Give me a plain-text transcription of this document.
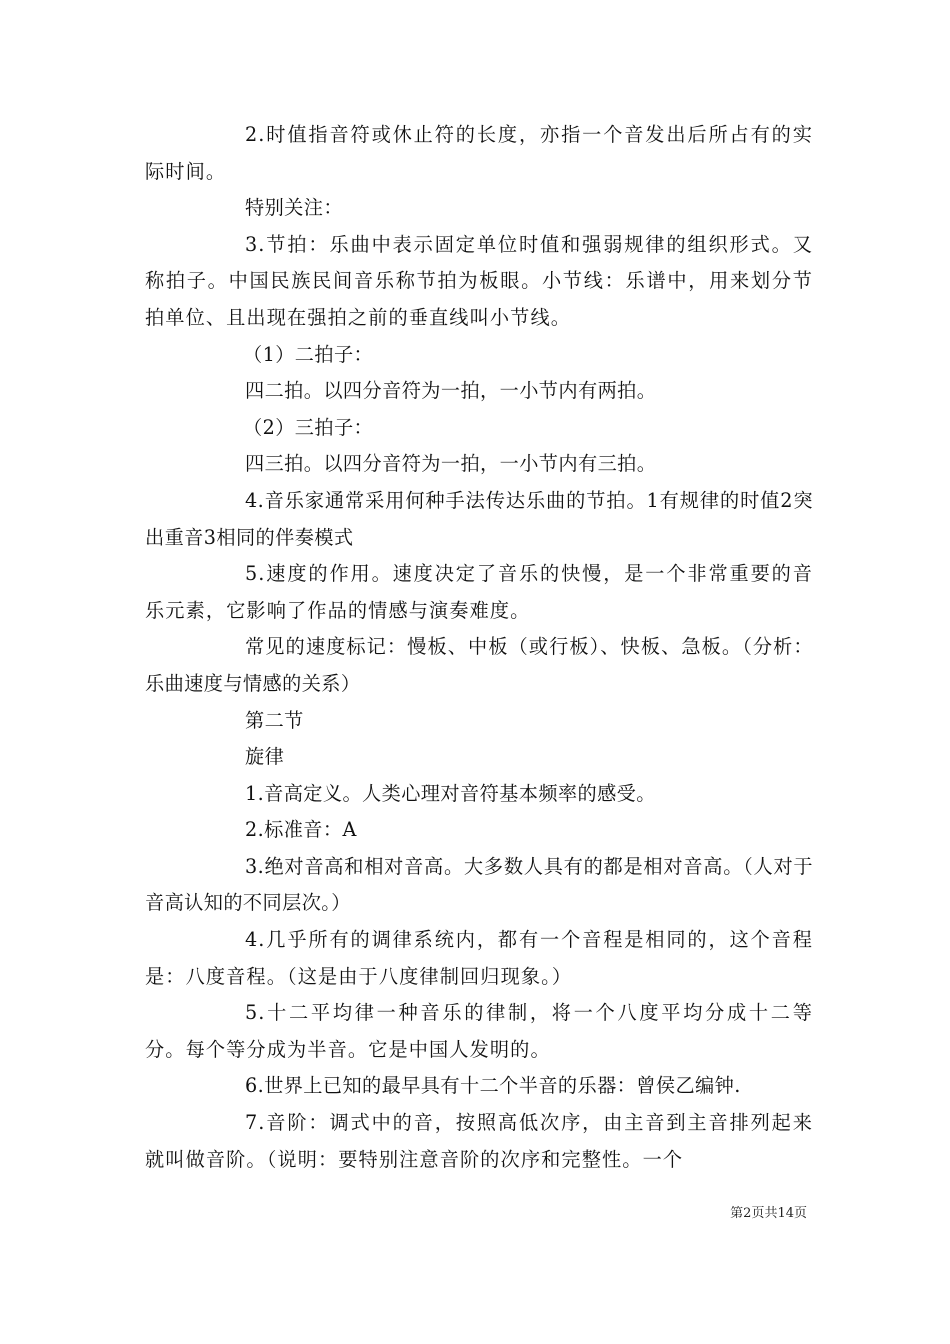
2.时值指音符或休止符的长度，亦指一个音发出后所占有的实际时间。

特别关注：

3.节拍：乐曲中表示固定单位时值和强弱规律的组织形式。又称拍子。中国民族民间音乐称节拍为板眼。小节线：乐谱中，用来划分节拍单位、且出现在强拍之前的垂直线叫小节线。

（1）二拍子：

四二拍。以四分音符为一拍，一小节内有两拍。

（2）三拍子：

四三拍。以四分音符为一拍，一小节内有三拍。

4.音乐家通常采用何种手法传达乐曲的节拍。1有规律的时值2突出重音3相同的伴奏模式

5.速度的作用。速度决定了音乐的快慢，是一个非常重要的音乐元素，它影响了作品的情感与演奏难度。

常见的速度标记：慢板、中板（或行板）、快板、急板。（分析：乐曲速度与情感的关系）

第二节

旋律

1.音高定义。人类心理对音符基本频率的感受。

2.标准音：A

3.绝对音高和相对音高。大多数人具有的都是相对音高。（人对于音高认知的不同层次。）

4.几乎所有的调律系统内，都有一个音程是相同的，这个音程是：八度音程。（这是由于八度律制回归现象。）

5.十二平均律一种音乐的律制，将一个八度平均分成十二等分。每个等分成为半音。它是中国人发明的。

6.世界上已知的最早具有十二个半音的乐器：曾侯乙编钟.

7.音阶：调式中的音，按照高低次序，由主音到主音排列起来就叫做音阶。（说明：要特别注意音阶的次序和完整性。一个

第2页共14页
